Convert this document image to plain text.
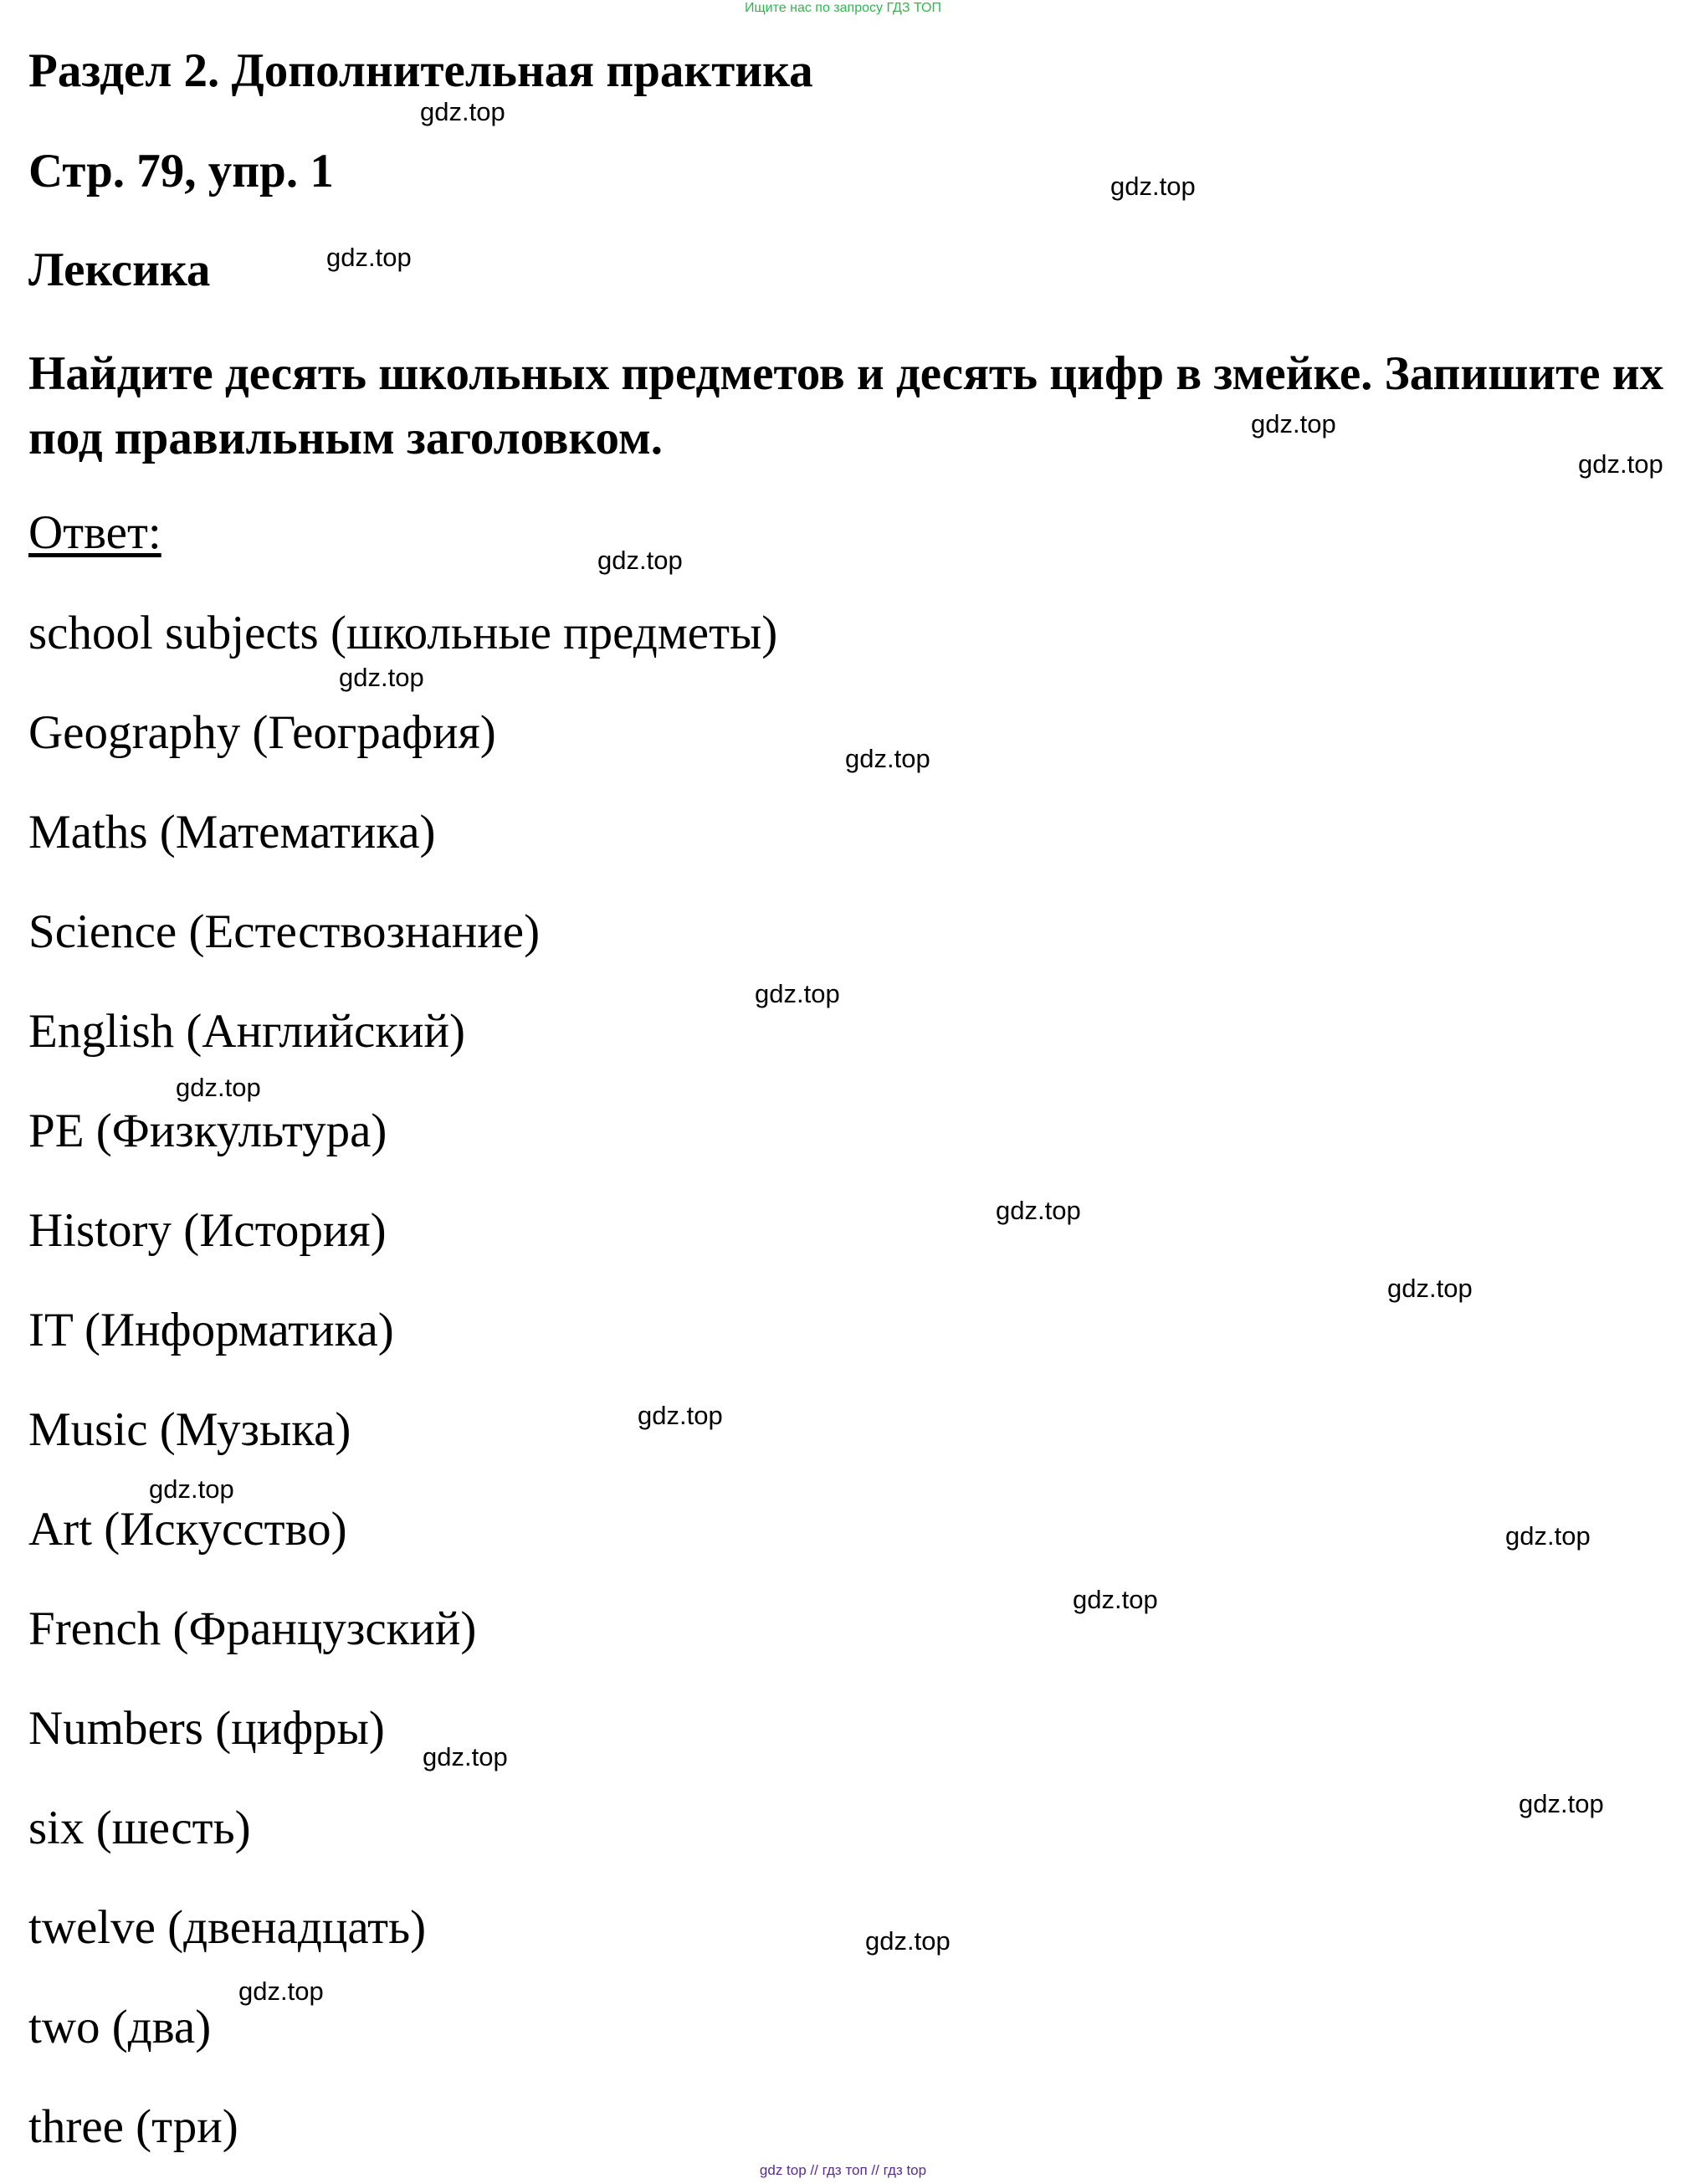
Ищите нас по запросу ГДЗ ТОП
Раздел 2. Дополнительная практика
Стр. 79, упр. 1
Лексика

Найдите десять школьных предметов и десять цифр в змейке. Запишите их под правильным заголовком.

Ответ:
school subjects (школьные предметы)
Geography (География)
Maths (Математика)
Science (Естествознание)
English (Английский)
PE (Физкультура)
History (История)
IT (Информатика)
Music (Музыка)
Art (Искусство)
French (Французский)
Numbers (цифры)
six (шесть)
twelve (двенадцать)
two (два)
three (три)
gdz.top
gdz.top
gdz.top
gdz.top
gdz.top
gdz.top
gdz.top
gdz.top
gdz.top
gdz.top
gdz.top
gdz.top
gdz.top
gdz.top
gdz.top
gdz.top
gdz.top
gdz.top
gdz.top
gdz.top
gdz top // гдз топ // гдз top
